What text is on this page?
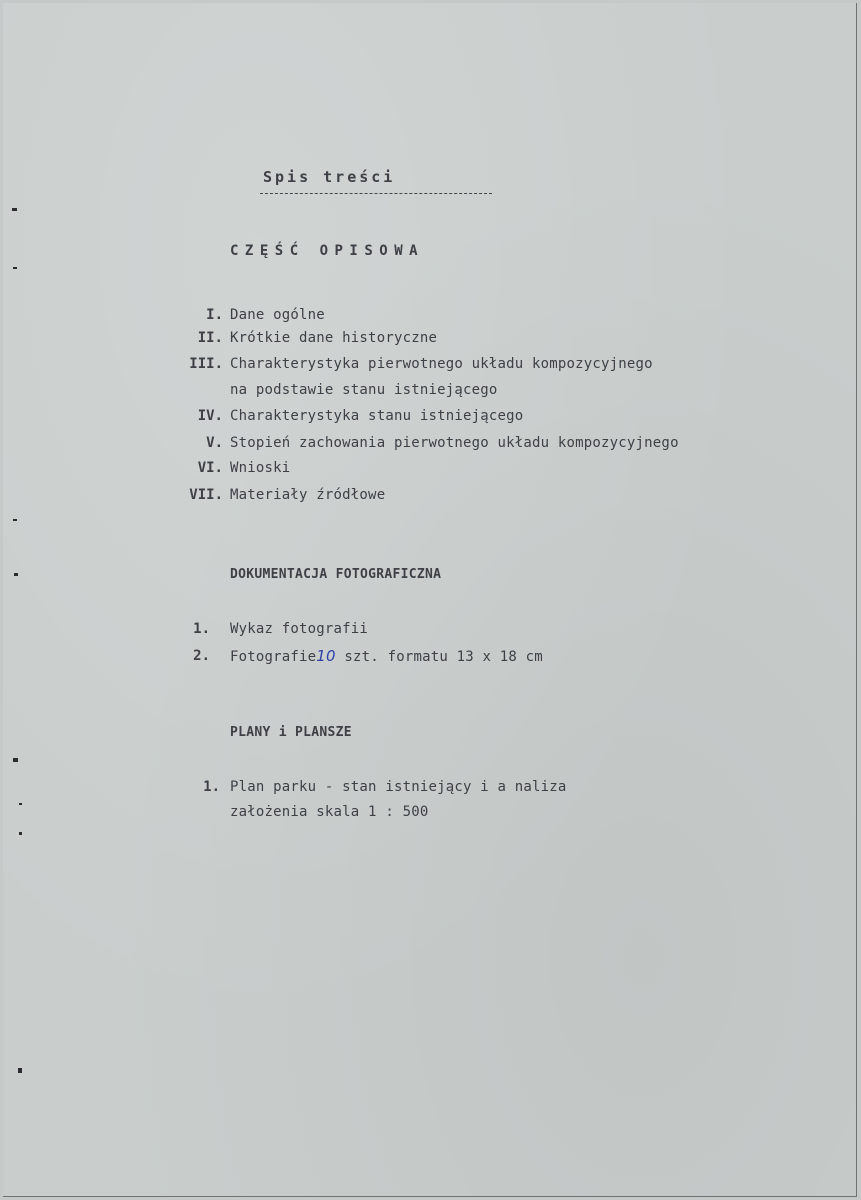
Spis treści
CZĘŚĆ OPISOWA
I. Dane ogólne
II. Krótkie dane historyczne
III. Charakterystyka pierwotnego układu kompozycyjnego
na podstawie stanu istniejącego
IV. Charakterystyka stanu istniejącego
V. Stopień zachowania pierwotnego układu kompozycyjnego
VI. Wnioski
VII. Materiały źródłowe
DOKUMENTACJA FOTOGRAFICZNA
1. Wykaz fotografii
2. Fotografie10 szt. formatu 13 x 18 cm
PLANY i PLANSZE
1. Plan parku - stan istniejący i a naliza
założenia skala 1 : 500
